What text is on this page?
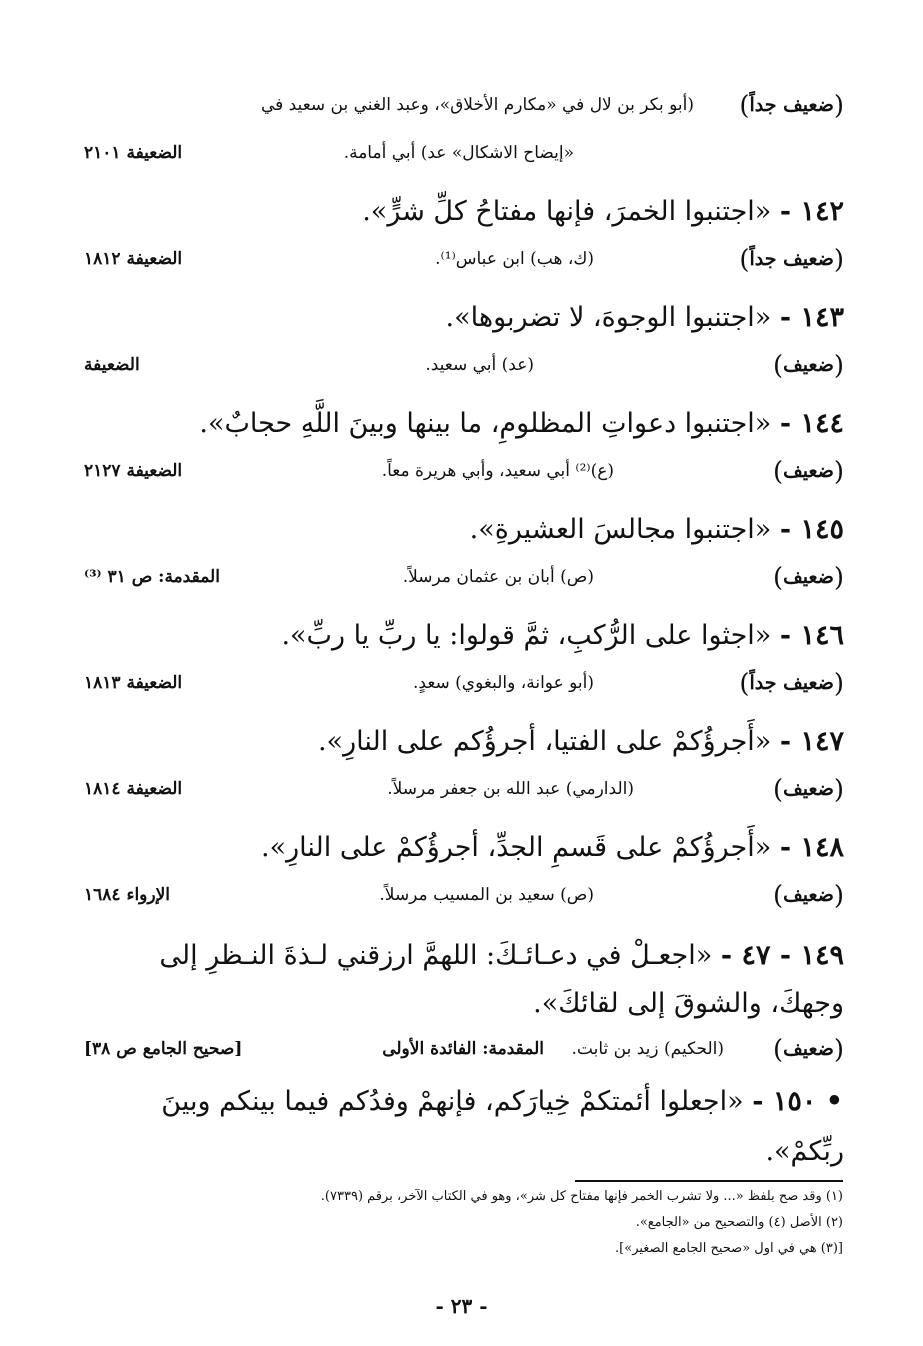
(ضعيف جداً)
(أبو بكر بن لال في «مكارم الأخلاق»، وعبد الغني بن سعيد في
«إيضاح الاشكال» عد) أبي أمامة.
الضعيفة ٢١٠١
١٤٢ - «اجتنبوا الخمرَ، فإنها مفتاحُ كلِّ شرٍّ».
(ضعيف جداً)
(ك، هب) ابن عباس⁽¹⁾.
الضعيفة ١٨١٢
١٤٣ - «اجتنبوا الوجوهَ، لا تضربوها».
(ضعيف)
(عد) أبي سعيد.
الضعيفة
١٤٤ - «اجتنبوا دعواتِ المظلومِ، ما بينها وبينَ اللَّهِ حجابٌ».
(ضعيف)
(ع)⁽²⁾ أبي سعيد، وأبي هريرة معاً.
الضعيفة ٢١٢٧
١٤٥ - «اجتنبوا مجالسَ العشيرةِ».
(ضعيف)
(ص) أبان بن عثمان مرسلاً.
المقدمة: ص ٣١ ⁽³⁾
١٤٦ - «اجثوا على الرُّكبِ، ثمَّ قولوا: يا ربِّ يا ربِّ».
(ضعيف جداً)
(أبو عوانة، والبغوي) سعدٍ.
الضعيفة ١٨١٣
١٤٧ - «أَجرؤُكمْ على الفتيا، أجرؤُكم على النارِ».
(ضعيف)
(الدارمي) عبد الله بن جعفر مرسلاً.
الضعيفة ١٨١٤
١٤٨ - «أَجرؤُكمْ على قَسمِ الجدِّ، أجرؤُكمْ على النارِ».
(ضعيف)
(ص) سعيد بن المسيب مرسلاً.
الإرواء ١٦٨٤
١٤٩ - ٤٧ - «اجعـلْ في دعـائـكَ: اللهمَّ ارزقني لـذةَ النـظرِ إلى
وجهكَ، والشوقَ إلى لقائكَ».
(ضعيف)
(الحكيم) زيد بن ثابت.
المقدمة: الفائدة الأولى
[صحيح الجامع ص ٣٨]
• ١٥٠ - «اجعلوا أئمتكمْ خِيارَكم، فإنهمْ وفدُكم فيما بينكم وبينَ
ربِّكمْ».
(١) وقد صح بلفظ «... ولا تشرب الخمر فإنها مفتاح كل شر»، وهو في الكتاب الآخر، برقم (٧٣٣٩).
(٢) الأصل (٤) والتصحيح من «الجامع».
[(٣) هي في اول «صحيح الجامع الصغير»].
- ٢٣ -
